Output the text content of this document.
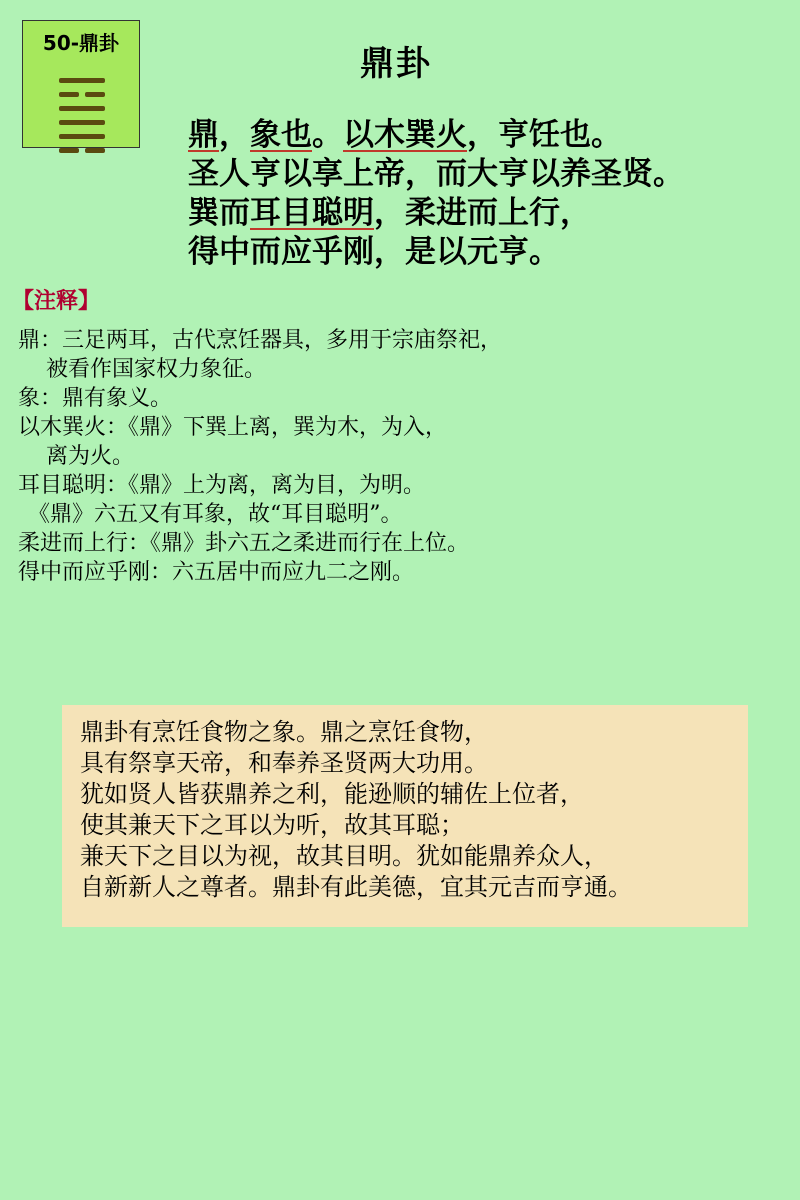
50-鼎卦
鼎卦
鼎，象也。以木巽火，亨饪也。
圣人亨以享上帝，而大亨以养圣贤。
巽而耳目聪明，柔进而上行，
得中而应乎刚，是以元亨。
【注释】
鼎：三足两耳，古代烹饪器具，多用于宗庙祭祀，
被看作国家权力象征。
象：鼎有象义。
以木巽火：《鼎》下巽上离，巽为木，为入，
离为火。
耳目聪明：《鼎》上为离，离为目，为明。
《鼎》六五又有耳象，故“耳目聪明”。
柔进而上行：《鼎》卦六五之柔进而行在上位。
得中而应乎刚：六五居中而应九二之刚。
鼎卦有烹饪食物之象。鼎之烹饪食物，
具有祭享天帝，和奉养圣贤两大功用。
犹如贤人皆获鼎养之利，能逊顺的辅佐上位者，
使其兼天下之耳以为听，故其耳聪；
兼天下之目以为视，故其目明。犹如能鼎养众人，
自新新人之尊者。鼎卦有此美德，宜其元吉而亨通。
